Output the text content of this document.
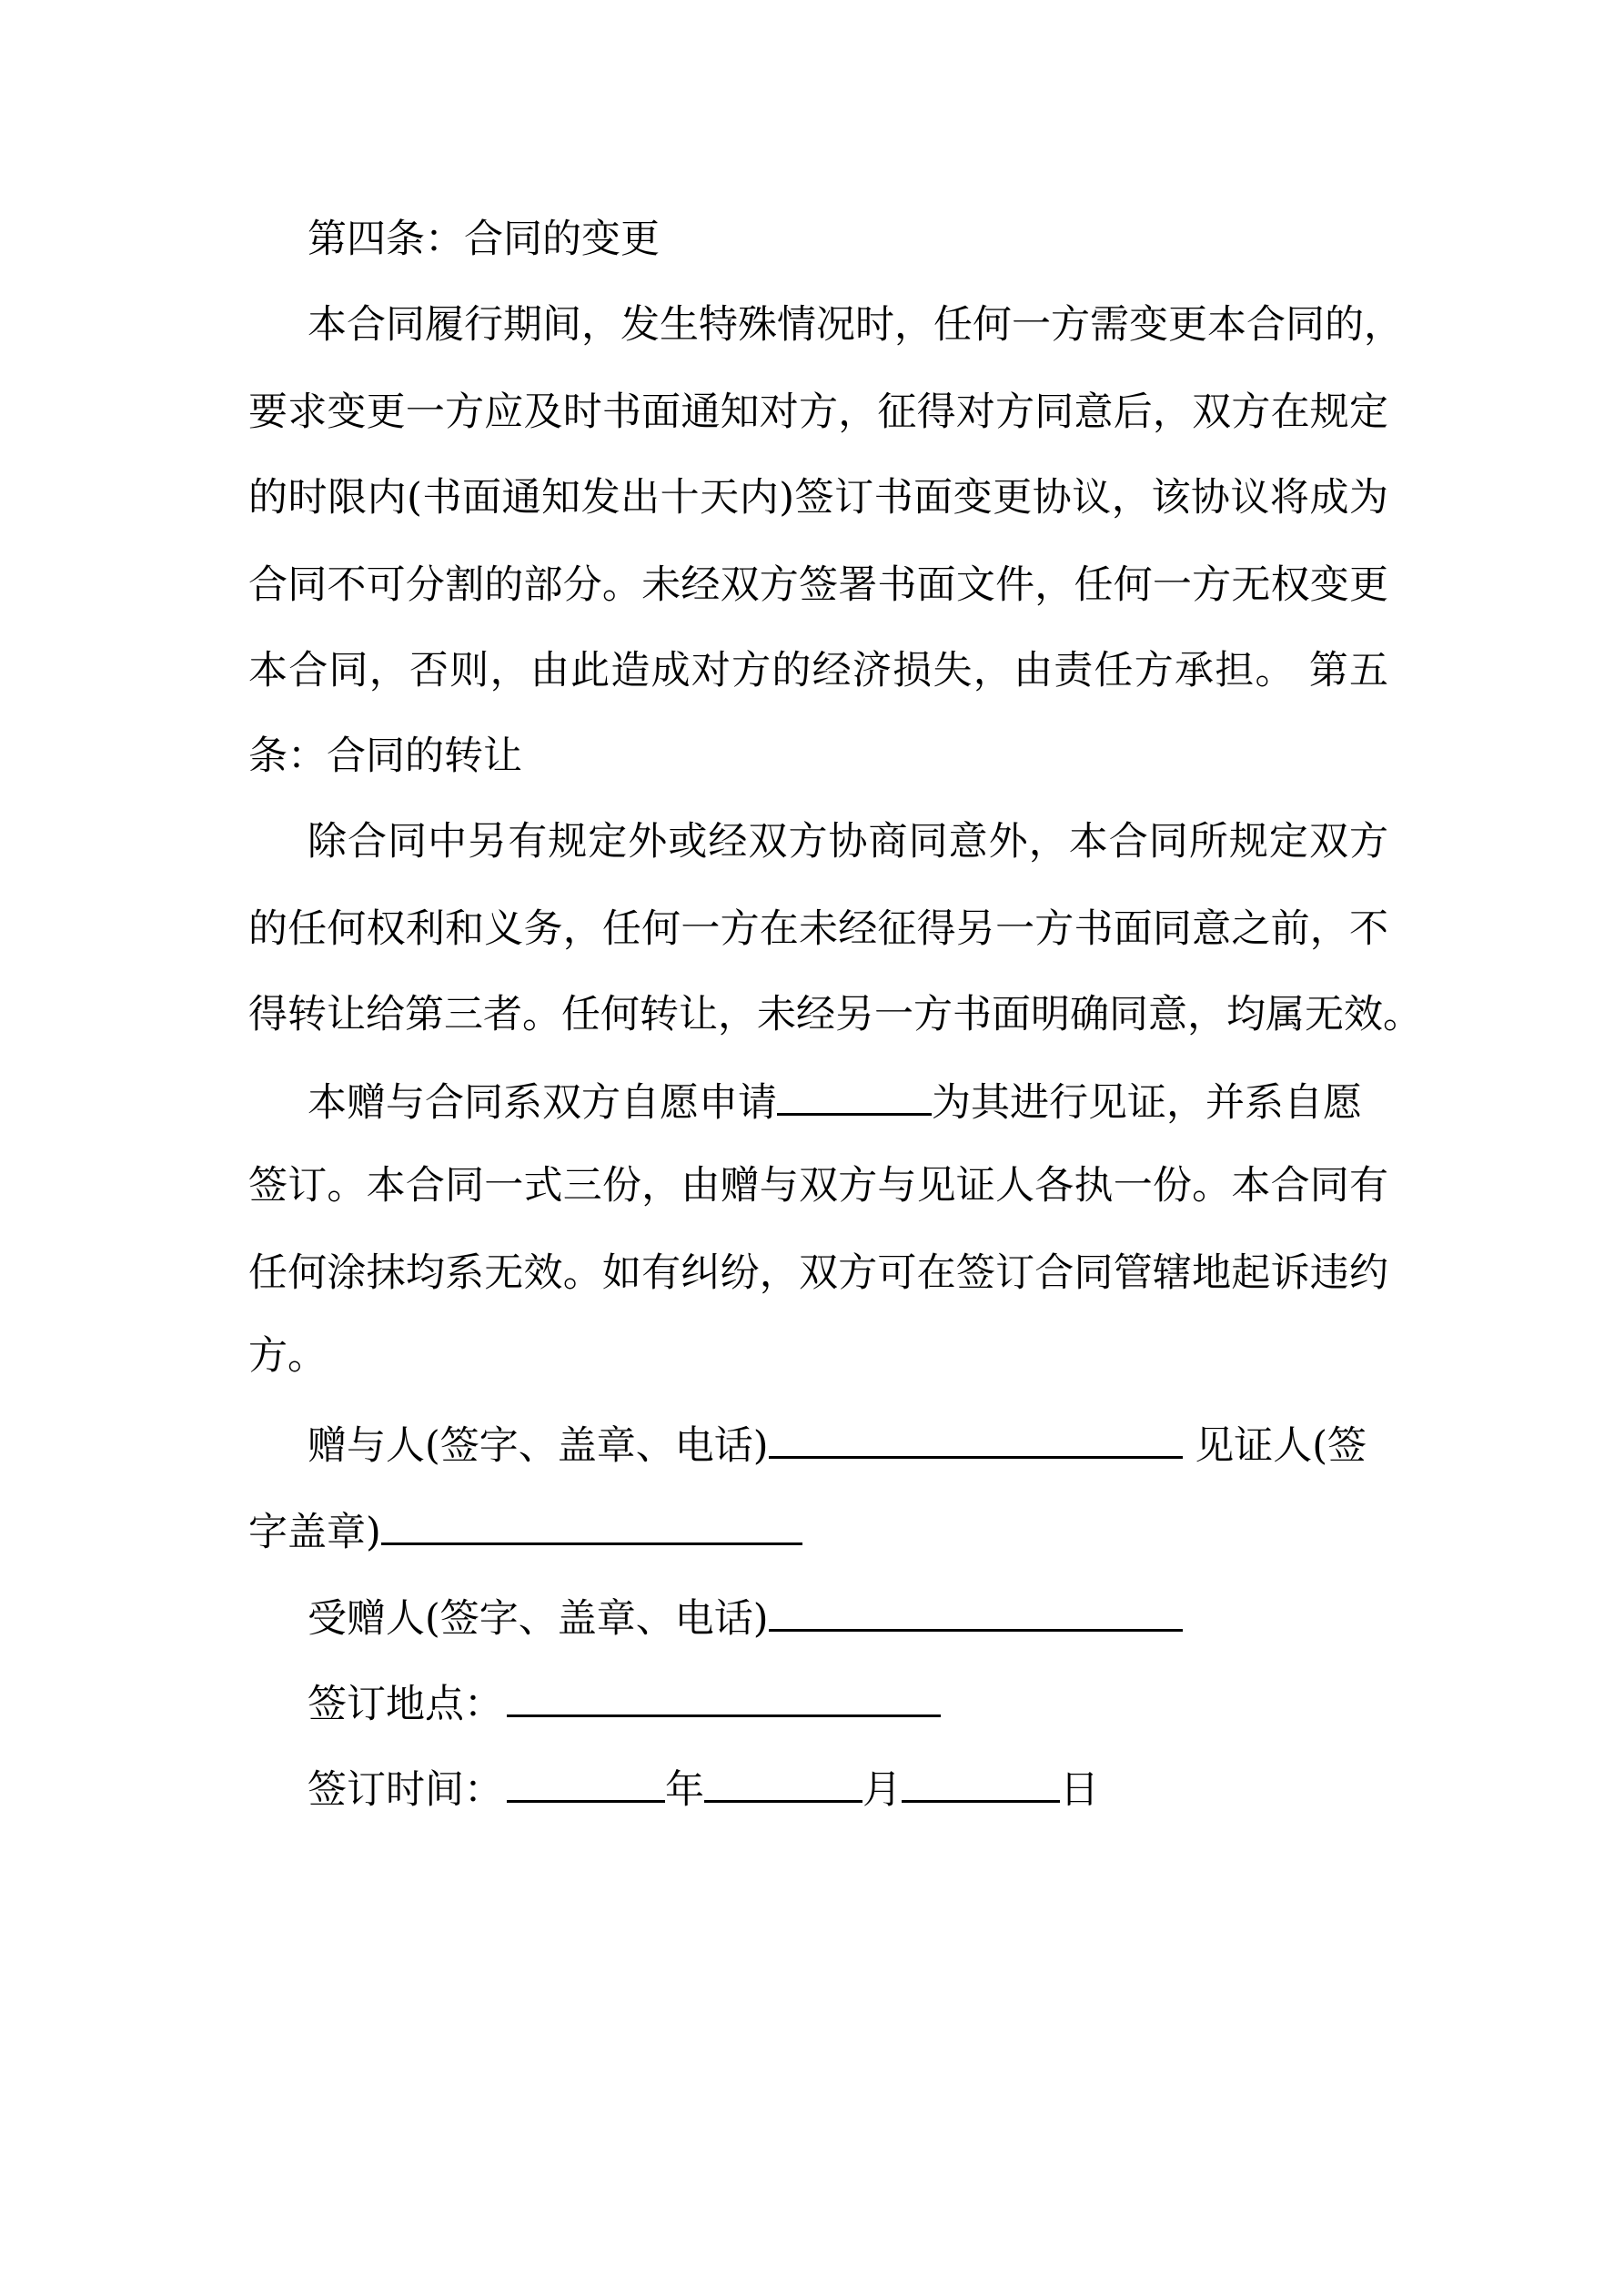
第四条：合同的变更
本合同履行期间，发生特殊情况时，任何一方需变更本合同的，
要求变更一方应及时书面通知对方，征得对方同意后，双方在规定
的时限内(书面通知发出十天内)签订书面变更协议，该协议将成为
合同不可分割的部分。未经双方签署书面文件，任何一方无权变更
本合同，否则，由此造成对方的经济损失，由责任方承担。 第五
条：合同的转让
除合同中另有规定外或经双方协商同意外，本合同所规定双方
的任何权利和义务，任何一方在未经征得另一方书面同意之前，不
得转让给第三者。任何转让，未经另一方书面明确同意，均属无效。
本赠与合同系双方自愿申请	为其进行见证，并系自愿
签订。本合同一式三份，由赠与双方与见证人各执一份。本合同有
任何涂抹均系无效。如有纠纷，双方可在签订合同管辖地起诉违约
方。
赠与人(签字、盖章、电话)	见证人(签
字盖章)
受赠人(签字、盖章、电话)
签订地点：
签订时间：	年	月	日
